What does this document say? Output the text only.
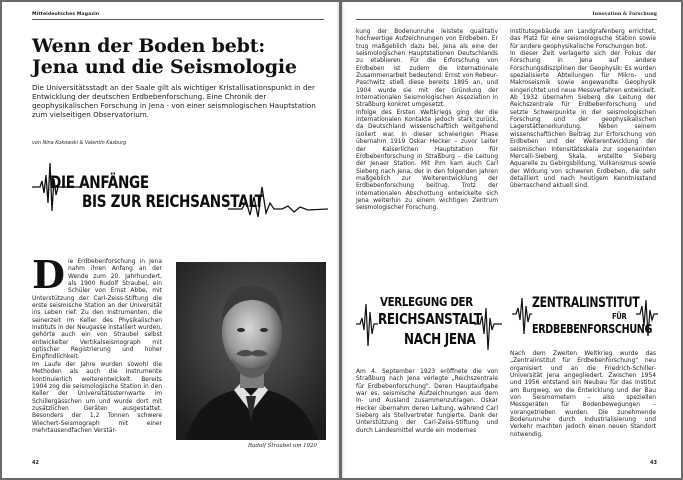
Mitteldeutsches Magazin
Wenn der Boden bebt:
Jena und die Seismologie

Die Universitätsstadt an der Saale gilt als wichtiger Kristallisationspunkt in der Entwicklung der deutschen Erdbebenforschung. Eine Chronik der geophysikalischen Forschung in Jena - von einer seismologischen Hauptstation zum vielseitigen Observatorium.

von Nina Kukowski & Valentin Kasburg
DIE ANFÄNGE
BIS ZUR REICHSANSTALT

Die Erdbebenforschung in Jena nahm ihren Anfang an der Wende zum 20. Jahrhundert, als 1900 Rudolf Straubel, ein Schüler von Ernst Abbe, mit Unterstützung der Carl-Zeiss-Stiftung die erste seismische Station an der Universität ins Leben rief. Zu den Instrumenten, die seinerzeit im Keller des Physikalischen Instituts in der Neugasse installiert wurden, gehörte auch ein von Straubel selbst entwickelter Vertikalseismograph mit optischer Registrierung und hoher Empfindlichkeit.

Im Laufe der Jahre wurden sowohl die Methoden als auch die Instrumente kontinuierlich weiterentwickelt. Bereits 1904 zog die seismologische Station in den Keller der Universitätssternwarte im Schillergässchen um und wurde dort mit zusätzlichen Geräten ausgestattet. Besonders der 1,2 Tonnen schwere Wiechert-Seismograph mit einer mehrtausendfachen Verstär-

Rudolf Straubel um 1920
42
Innovation & Forschung

kung der Bodenunruhe leistete qualitativ hochwertige Aufzeichnungen von Erdbeben. Er trug maßgeblich dazu bei, Jena als eine der seismologischen Hauptstationen Deutschlands zu etablieren. Für die Erforschung von Erdbeben ist zudem die internationale Zusammenarbeit bedeutend: Ernst von Rebeur-Paschwitz stieß diese bereits 1895 an, und 1904 wurde sie mit der Gründung der Internationalen Seismologischen Assoziation in Straßburg konkret umgesetzt.

Infolge des Ersten Weltkriegs ging der die internationalen Kontakte jedoch stark zurück, da Deutschland wissenschaftlich weitgehend isoliert war. In dieser schwierigen Phase übernahm 1919 Oskar Hecker – zuvor Leiter der Kaiserlichen Hauptstation für Erdbebenforschung in Straßburg – die Leitung der Jenaer Station. Mit ihm kam auch Carl Sieberg nach Jena, der in den folgenden Jahren maßgeblich zur Weiterentwicklung der Erdbebenforschung beitrug. Trotz der internationalen Abschottung entwickelte sich Jena weiterhin zu einem wichtigen Zentrum seismologischer Forschung.

Institutsgebäude am Landgrafenberg errichtet, das Platz für eine seismologische Station sowie für andere geophysikalische Forschungen bot.

In dieser Zeit verlagerte sich der Fokus der Forschung in Jena auf andere Forschungsdisziplinen der Geophysik: Es wurden spezialisierte Abteilungen für Mikro- und Makroseismik sowie angewandte Geophysik eingerichtet und neue Messverfahren entwickelt. Ab 1932 übernahm Sieberg die Leitung der Reichszentrale für Erdbebenforschung und setzte Schwerpunkte in der seismologischen Forschung und der geophysikalischen Lagerstättenerkundung. Neben seinem wissenschaftlichen Beitrag zur Erforschung von Erdbeben und der Weiterentwicklung der seismischen Intensitätsskala zur sogenannten Mercalli-Sieberg Skala, erstellte Sieberg Aquarelle zu Gebirgsbildung, Vulkanismus sowie der Wirkung von schweren Erdbeben, die sehr detailliert und nach heutigem Kenntnisstand überraschend aktuell sind.

VERLEGUNG DER
REICHSANSTALT
NACH JENA
ZENTRALINSTITUT
FÜR
ERDBEBENFORSCHUNG

Am 4. September 1923 eröffnete die von Straßburg nach Jena verlegte „Reichszentrale für Erdbebenforschung". Deren Hauptaufgabe war es, seismische Aufzeichnungen aus dem In- und Ausland zusammenzutragen. Oskar Hecker übernahm deren Leitung, während Carl Sieberg als Stellvertreter fungierte. Dank der Unterstützung der Carl-Zeiss-Stiftung und durch Landesmittel wurde ein modernes

Nach dem Zweiten Weltkrieg wurde das „Zentralinstitut für Erdbebenforschung" neu organisiert und an die Friedrich-Schiller-Universität Jena angegliedert. Zwischen 1954 und 1956 entstand ein Neubau für das Institut am Burgweg, wo die Entwicklung und der Bau von Seismometern – also speziellen Messgeräten für Bodenbewegungen – vorangetrieben wurden. Die zunehmende Bodenunruhe durch Industrialisierung und Verkehr machten jedoch einen neuen Standort notwendig,

43
